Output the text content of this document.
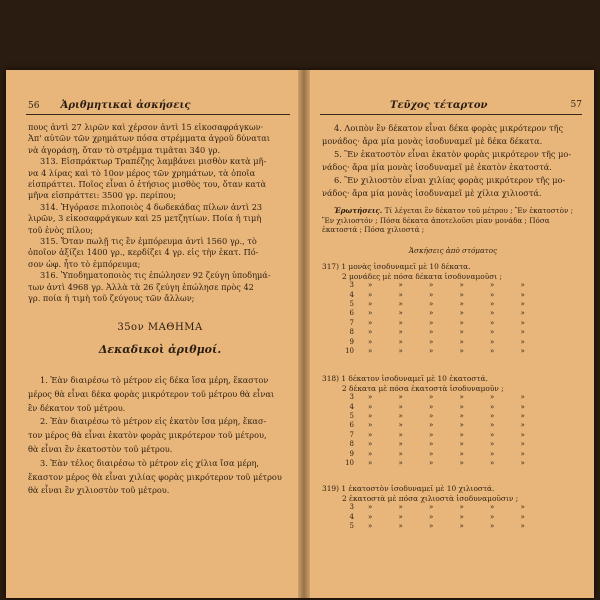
56 Ἀριθμητικαὶ ἀσκήσεις

πους ἀντὶ 27 λιρῶν καὶ χέρσον ἀντὶ 15 εἰκοσαφράγκων·

Ἀπ' αὐτῶν τῶν χρημάτων πόσα στρέμματα ἀγροῦ δύναται

νὰ ἀγοράσῃ, ὅταν τὸ στρέμμα τιμᾶται 340 γρ.

313. Εἰσπράκτωρ Τραπέζης λαμβάνει μισθὸν κατὰ μῆ-

να 4 λίρας καὶ τὸ 10ον μέρος τῶν χρημάτων, τὰ ὁποῖα

εἰσπράττει. Ποῖος εἶναι ὁ ἐτήσιος μισθὸς του, ὅταν κατὰ

μῆνα εἰσπράττει: 3500 γρ. περίπου;

314. Ἠγόρασε πιλοποιὸς 4 δωδεκάδας πίλων ἀντὶ 23

λιρῶν, 3 εἰκοσαφράγκων καὶ 25 μετζητίων. Ποία ἡ τιμὴ

τοῦ ἑνὸς πίλου;

315. Ὅταν πωλῇ τις ἓν ἐμπόρευμα ἀντὶ 1560 γρ., τὸ

ὁποῖον ἀξίζει 1400 γρ., κερδίζει 4 γρ. εἰς τὴν ἑκατ. Πό-

σον ὠφ. ἦτο τὸ ἐμπόρευμα;

316. Ὑποδηματοποιὸς τις ἐπώλησεν 92 ζεύγη ὑποδημά-

των ἀντὶ 4968 γρ. Ἀλλὰ τὰ 26 ζεύγη ἐπώλησε πρὸς 42

γρ. ποία ἡ τιμὴ τοῦ ζεύγους τῶν ἄλλων;

35ον ΜΑΘΗΜΑ
Δεκαδικοὶ ἀριθμοί.

1. Ἐὰν διαιρέσω τὸ μέτρον εἰς δέκα ἴσα μέρη, ἕκαστον

μέρος θὰ εἶναι δέκα φορὰς μικρότερον τοῦ μέτρου θὰ εἶναι

ἓν δέκατον τοῦ μέτρου.

2. Ἐὰν διαιρέσω τὸ μέτρον εἰς ἑκατὸν ἴσα μέρη, ἕκασ-

τον μέρος θὰ εἶναι ἑκατὸν φορὰς μικρότερον τοῦ μέτρου,

θὰ εἶναι ἓν ἑκατοστὸν τοῦ μέτρου.

3. Ἐὰν τέλος διαιρέσω τὸ μέτρον εἰς χίλια ἴσα μέρη,

ἕκαστον μέρος θὰ εἶναι χιλίας φορὰς μικρότερον τοῦ μέτρου

θὰ εἶναι ἓν χιλιοστὸν τοῦ μέτρου.

Τεῦχος τέταρτον	57

4. Λοιπὸν ἓν δέκατον εἶναι δέκα φορὰς μικρότερον τῆς

μονάδος· ἄρα μία μονὰς ἰσοδυναμεῖ μὲ δέκα δέκατα.

5. Ἓν ἑκατοστὸν εἶναι ἑκατὸν φορὰς μικρότερον τῆς μο-

νάδος· ἄρα μία μονὰς ἰσοδυναμεῖ μὲ ἑκατὸν ἑκατοστά.

6. Ἓν χιλιοστὸν εἶναι χιλίας φορὰς μικρότερον τῆς μο-

νάδος· ἄρα μία μονὰς ἰσοδυναμεῖ μὲ χίλια χιλιοστά.

Ἐρωτήσεις. Τί λέγεται ἓν δέκατον τοῦ μέτρου ; Ἓν ἑκατοστὸν ; Ἓν χιλιοστόν ; Πόσα δέκατα ἀποτελοῦσι μίαν μονάδα ; Πόσα ἑκατοστά ; Πόσα χιλιοστά ;
Ἀσκήσεις ἀπὸ στόματος

317) 1 μονὰς ἰσοδυναμεῖ μὲ 10 δέκατα.

2 μονάδες μὲ πόσα δέκατα ἰσοδυναμοῦσι ;

3 » » » » » »
4 » » » » » »
5 » » » » » »
6 » » » » » »
7 » » » » » »
8 » » » » » »
9 » » » » » »
10 » » » » » »

318) 1 δέκατον ἰσοδυναμεῖ μὲ 10 ἑκατοστά.

2 δέκατα μὲ πόσα ἑκατοστὰ ἰσοδυναμοῦν ;

3 » » » » » »
4 » » » » » »
5 » » » » » »
6 » » » » » »
7 » » » » » »
8 » » » » » »
9 » » » » » »
10 » » » » » »

319) 1 ἑκατοστὸν ἰσοδυναμεῖ μὲ 10 χιλιοστά.

2 ἑκατοστὰ μὲ πόσα χιλιοστὰ ἰσοδυναμοῦσιν ;

3 » » » » » »
4 » » » » » »
5 » » » » » »
